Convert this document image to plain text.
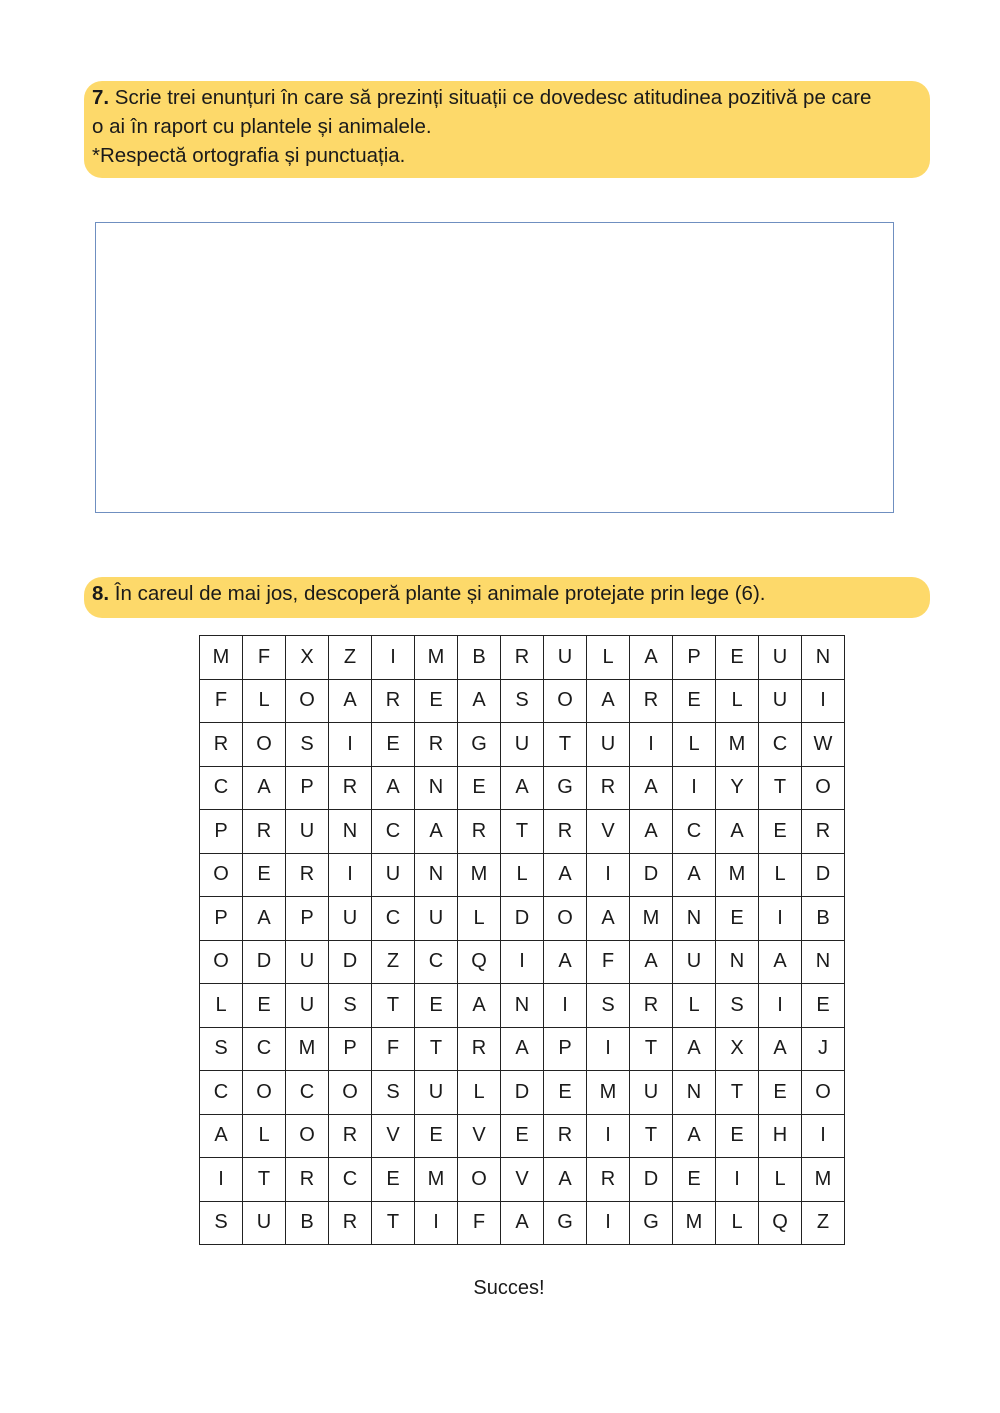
7. Scrie trei enunțuri în care să prezinți situații ce dovedesc atitudinea pozitivă pe care
o ai în raport cu plantele și animalele.
*Respectă ortografia și punctuația.
8. În careul de mai jos, descoperă plante și animale protejate prin lege (6).
M	F	X	Z	I	M	B	R	U	L	A	P	E	U	N
F	L	O	A	R	E	A	S	O	A	R	E	L	U	I
R	O	S	I	E	R	G	U	T	U	I	L	M	C	W
C	A	P	R	A	N	E	A	G	R	A	I	Y	T	O
P	R	U	N	C	A	R	T	R	V	A	C	A	E	R
O	E	R	I	U	N	M	L	A	I	D	A	M	L	D
P	A	P	U	C	U	L	D	O	A	M	N	E	I	B
O	D	U	D	Z	C	Q	I	A	F	A	U	N	A	N
L	E	U	S	T	E	A	N	I	S	R	L	S	I	E
S	C	M	P	F	T	R	A	P	I	T	A	X	A	J
C	O	C	O	S	U	L	D	E	M	U	N	T	E	O
A	L	O	R	V	E	V	E	R	I	T	A	E	H	I
I	T	R	C	E	M	O	V	A	R	D	E	I	L	M
S	U	B	R	T	I	F	A	G	I	G	M	L	Q	Z
Succes!
